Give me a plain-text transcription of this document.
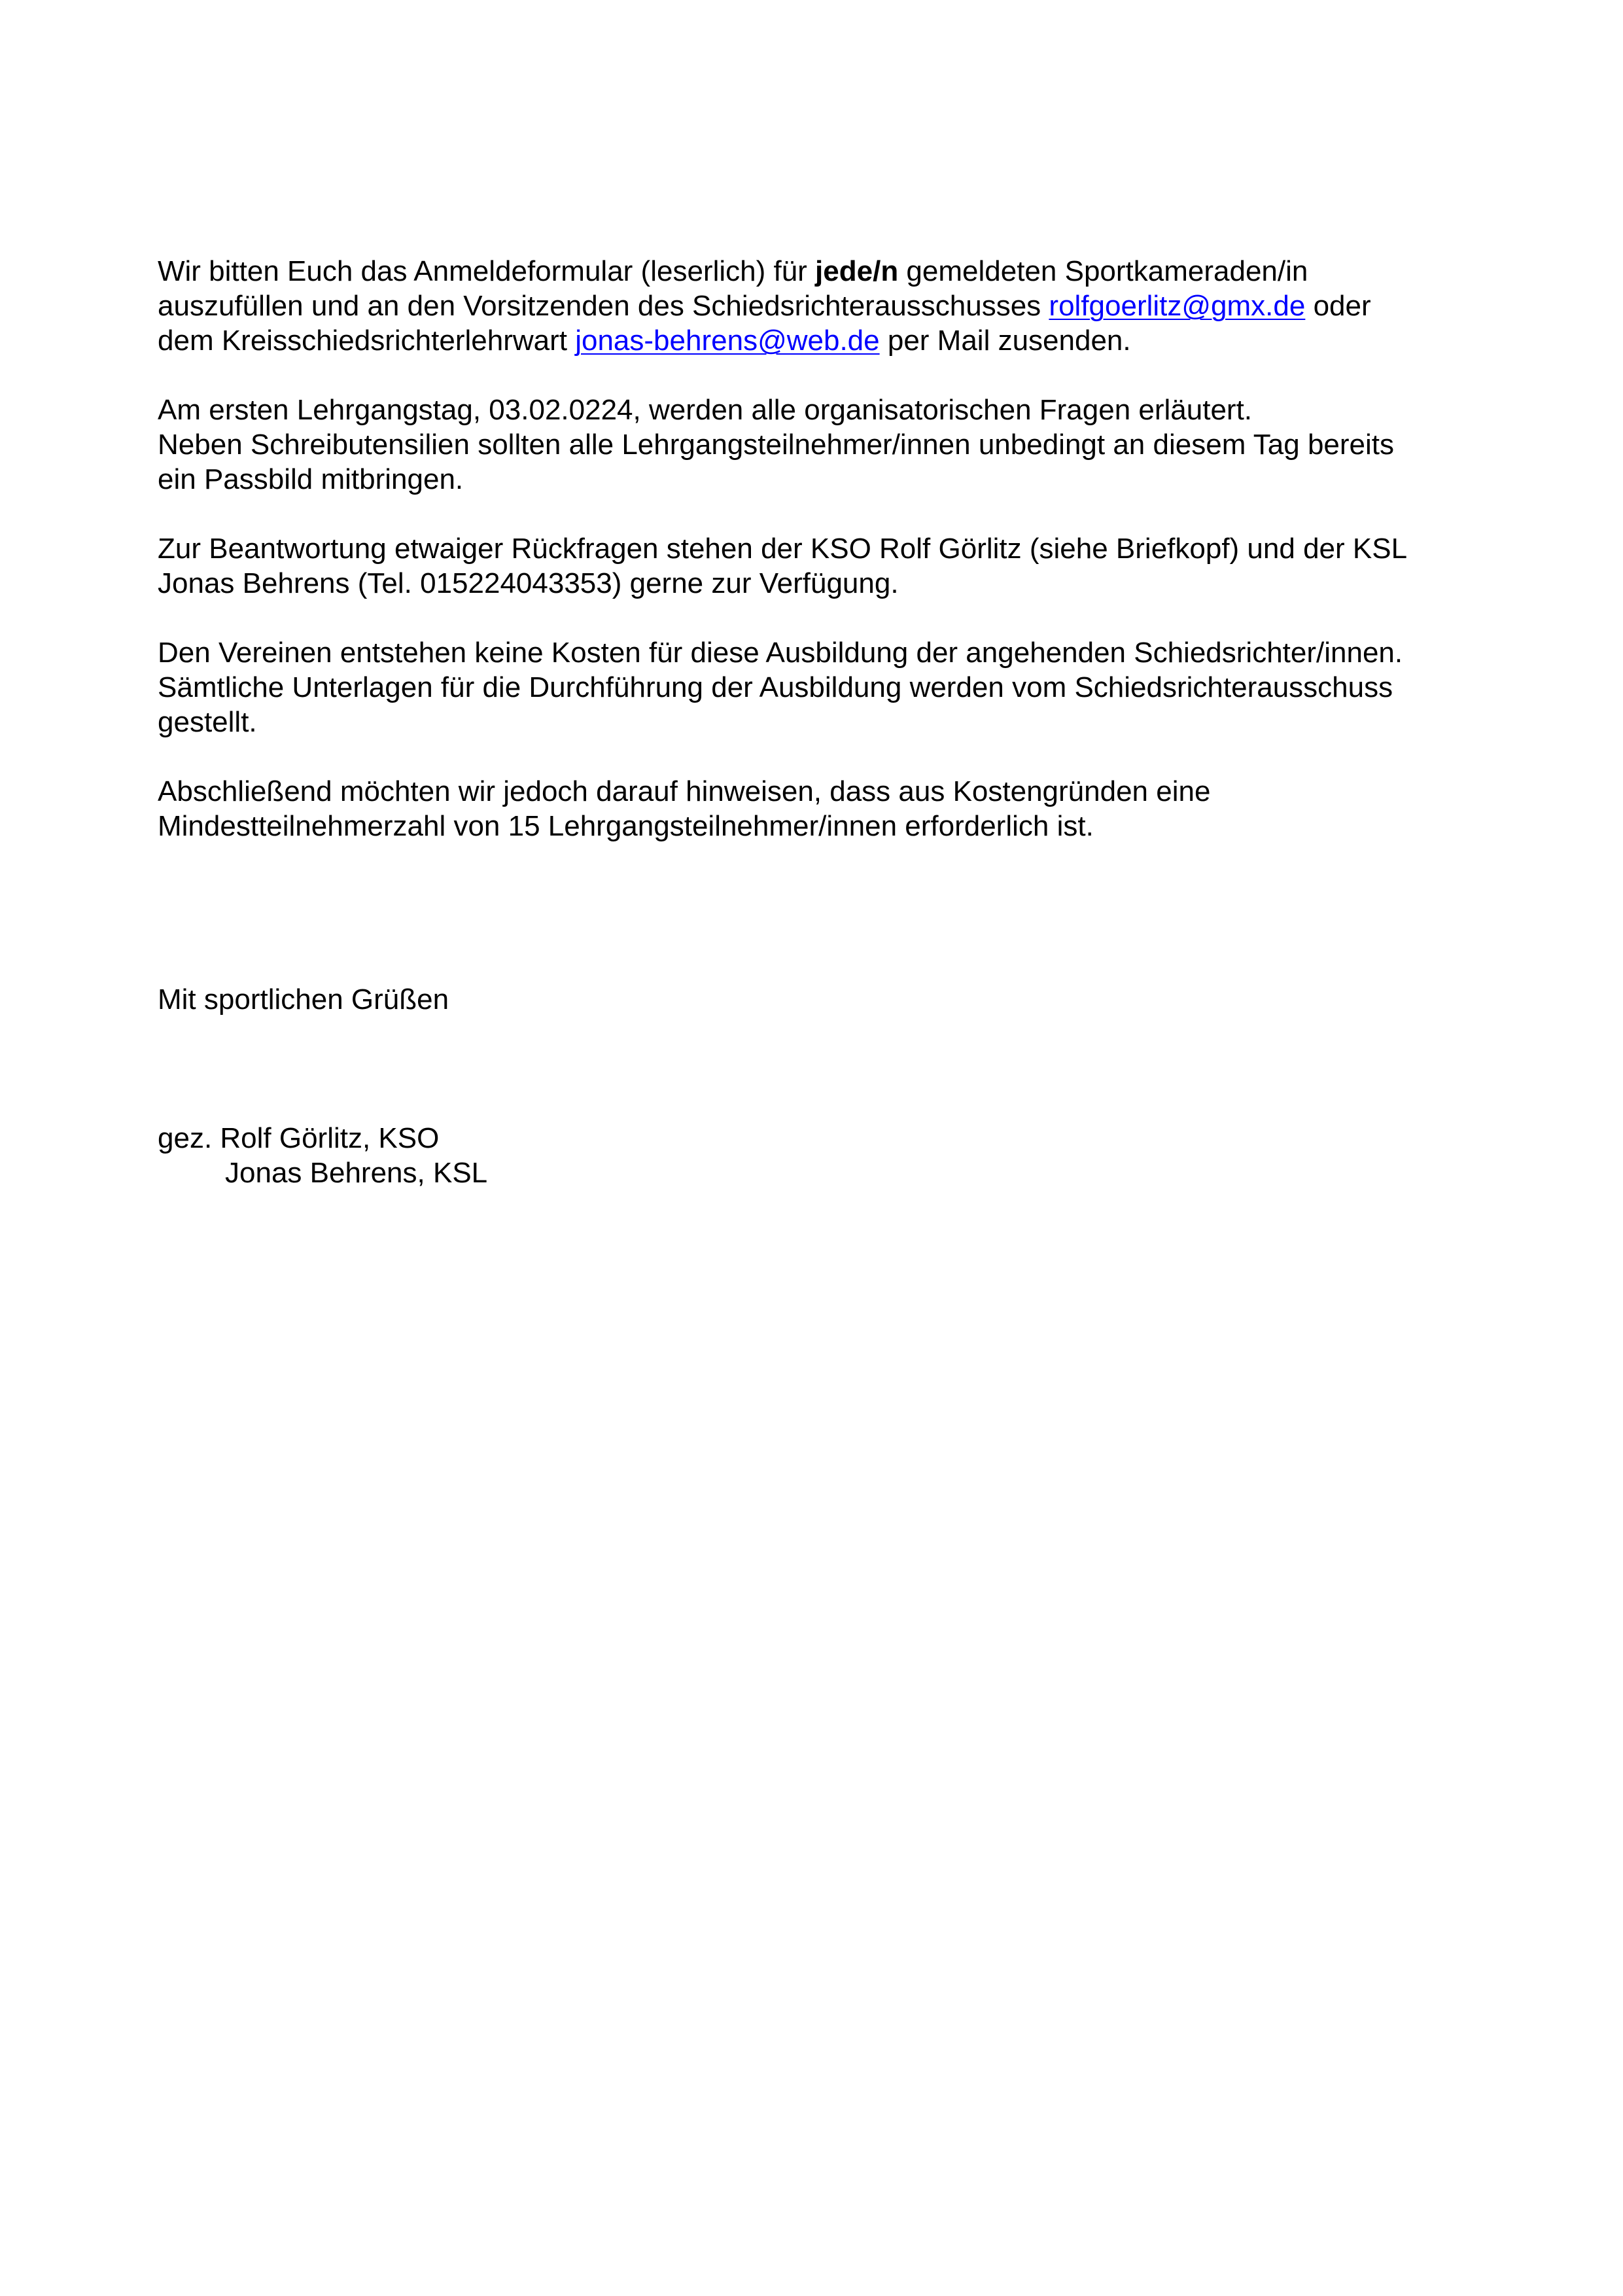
Wir bitten Euch das Anmeldeformular (leserlich) für jede/n gemeldeten Sportkameraden/in
auszufüllen und an den Vorsitzenden des Schiedsrichterausschusses rolfgoerlitz@gmx.de oder
dem Kreisschiedsrichterlehrwart jonas-behrens@web.de per Mail zusenden.
Am ersten Lehrgangstag, 03.02.0224, werden alle organisatorischen Fragen erläutert.
Neben Schreibutensilien sollten alle Lehrgangsteilnehmer/innen unbedingt an diesem Tag bereits
ein Passbild mitbringen.
Zur Beantwortung etwaiger Rückfragen stehen der KSO Rolf Görlitz (siehe Briefkopf) und der KSL
Jonas Behrens (Tel. 015224043353) gerne zur Verfügung.
Den Vereinen entstehen keine Kosten für diese Ausbildung der angehenden Schiedsrichter/innen.
Sämtliche Unterlagen für die Durchführung der Ausbildung werden vom Schiedsrichterausschuss
gestellt.
Abschließend möchten wir jedoch darauf hinweisen, dass aus Kostengründen eine
Mindestteilnehmerzahl von 15 Lehrgangsteilnehmer/innen erforderlich ist.
Mit sportlichen Grüßen
gez. Rolf Görlitz, KSO
Jonas Behrens, KSL
